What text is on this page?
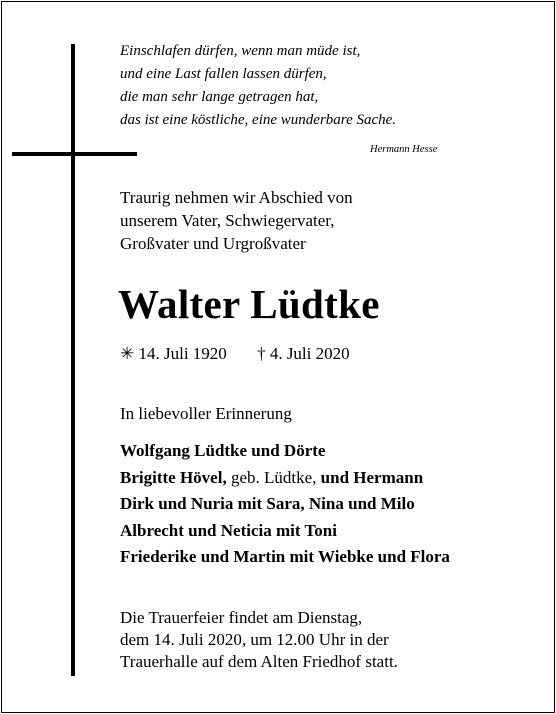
Einschlafen dürfen, wenn man müde ist,
und eine Last fallen lassen dürfen,
die man sehr lange getragen hat,
das ist eine köstliche, eine wunderbare Sache.
Hermann Hesse
Traurig nehmen wir Abschied von
unserem Vater, Schwiegervater,
Großvater und Urgroßvater
Walter Lüdtke
✳ 14. Juli 1920 † 4. Juli 2020
In liebevoller Erinnerung
Wolfgang Lüdtke und Dörte
Brigitte Hövel, geb. Lüdtke, und Hermann
Dirk und Nuria mit Sara, Nina und Milo
Albrecht und Neticia mit Toni
Friederike und Martin mit Wiebke und Flora
Die Trauerfeier findet am Dienstag,
dem 14. Juli 2020, um 12.00 Uhr in der
Trauerhalle auf dem Alten Friedhof statt.
